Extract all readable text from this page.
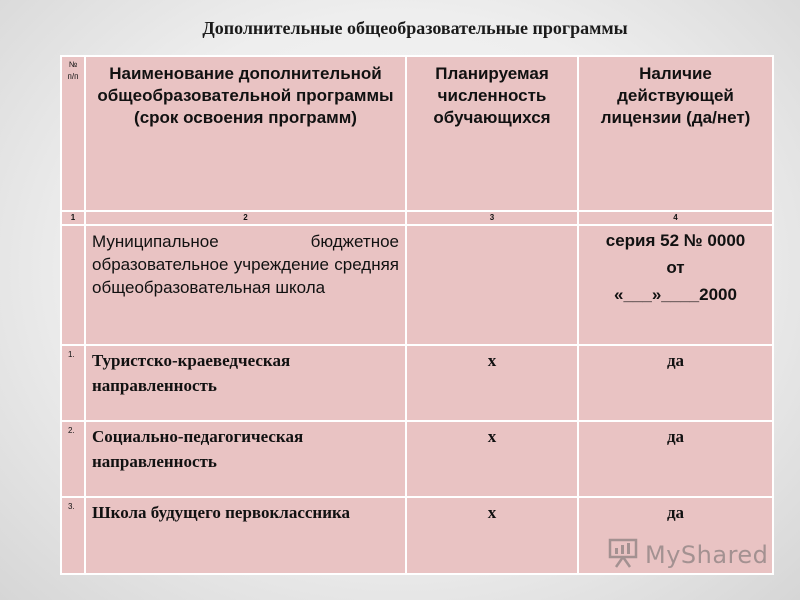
Дополнительные общеобразовательные программы
№
п/п	Наименование дополнительной общеобразовательной программы (срок освоения программ)	Планируемая численность обучающихся	Наличие действующей лицензии (да/нет)

1	2	3	4

	Муниципальное бюджетное образовательное учреждение средняя общеобразовательная школа		серия 52 № 0000
от
«___»____2000

1.	Туристско-краеведческая направленность	х	да

2.	Социально-педагогическая направленность	х	да

3.	Школа будущего первоклассника	х	да
MyShared
